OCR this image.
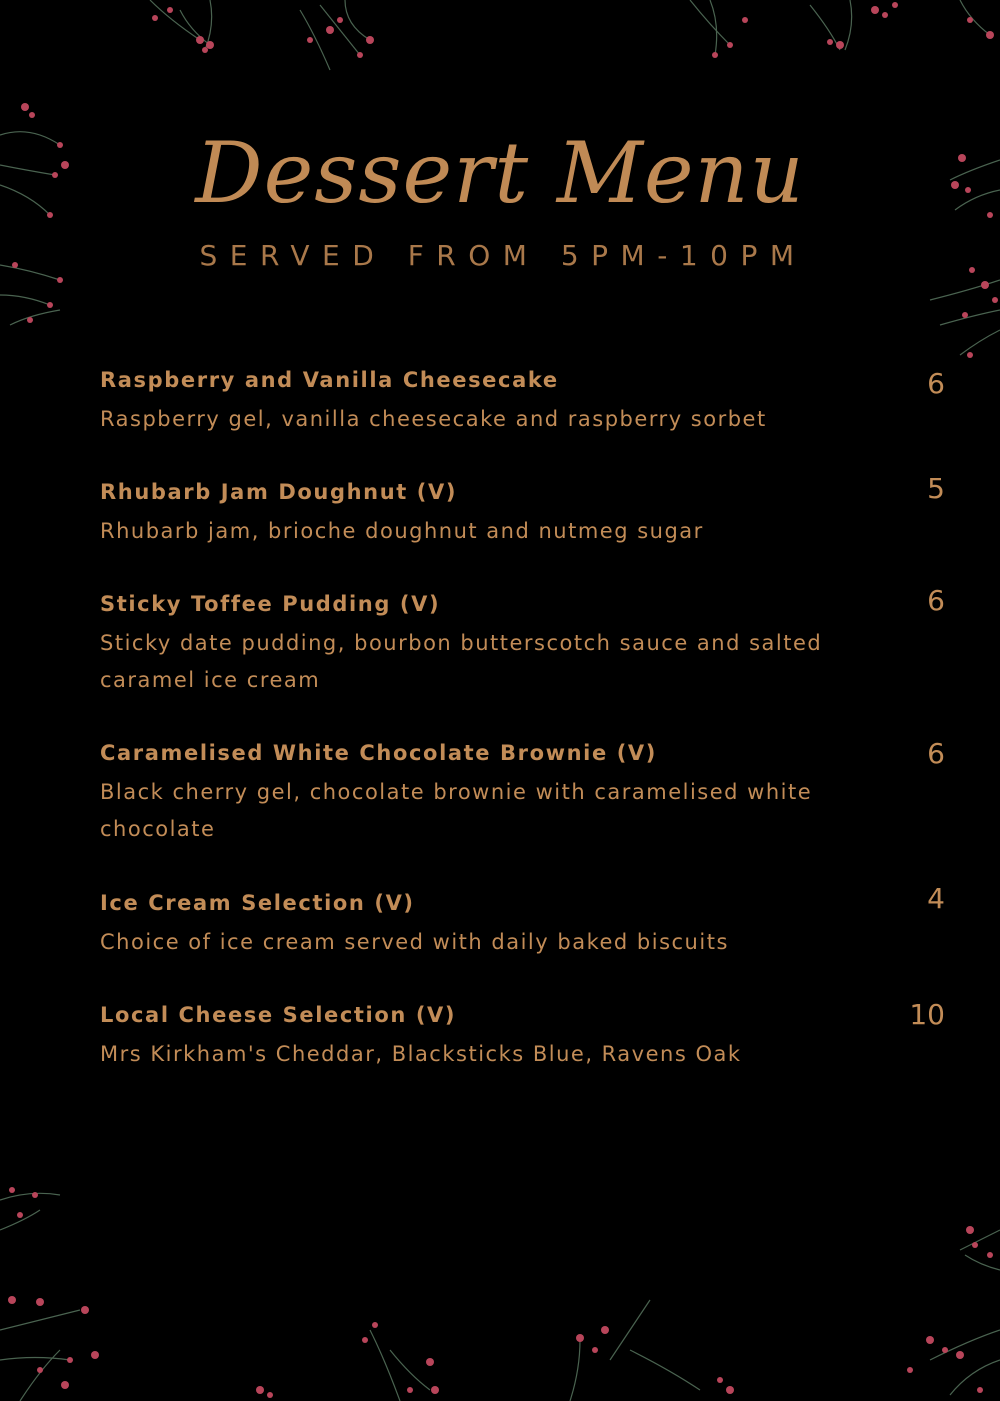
Dessert Menu
SERVED FROM 5PM-10PM
Raspberry and Vanilla Cheesecake
Raspberry gel, vanilla cheesecake and raspberry sorbet
6
Rhubarb Jam Doughnut (V)
Rhubarb jam, brioche doughnut and nutmeg sugar
5
Sticky Toffee Pudding (V)
Sticky date pudding, bourbon butterscotch sauce and salted caramel ice cream
6
Caramelised White Chocolate Brownie (V)
Black cherry gel, chocolate brownie with caramelised white chocolate
6
Ice Cream Selection (V)
Choice of ice cream served with daily baked biscuits
4
Local Cheese Selection (V)
Mrs Kirkham's Cheddar, Blacksticks Blue, Ravens Oak
10
